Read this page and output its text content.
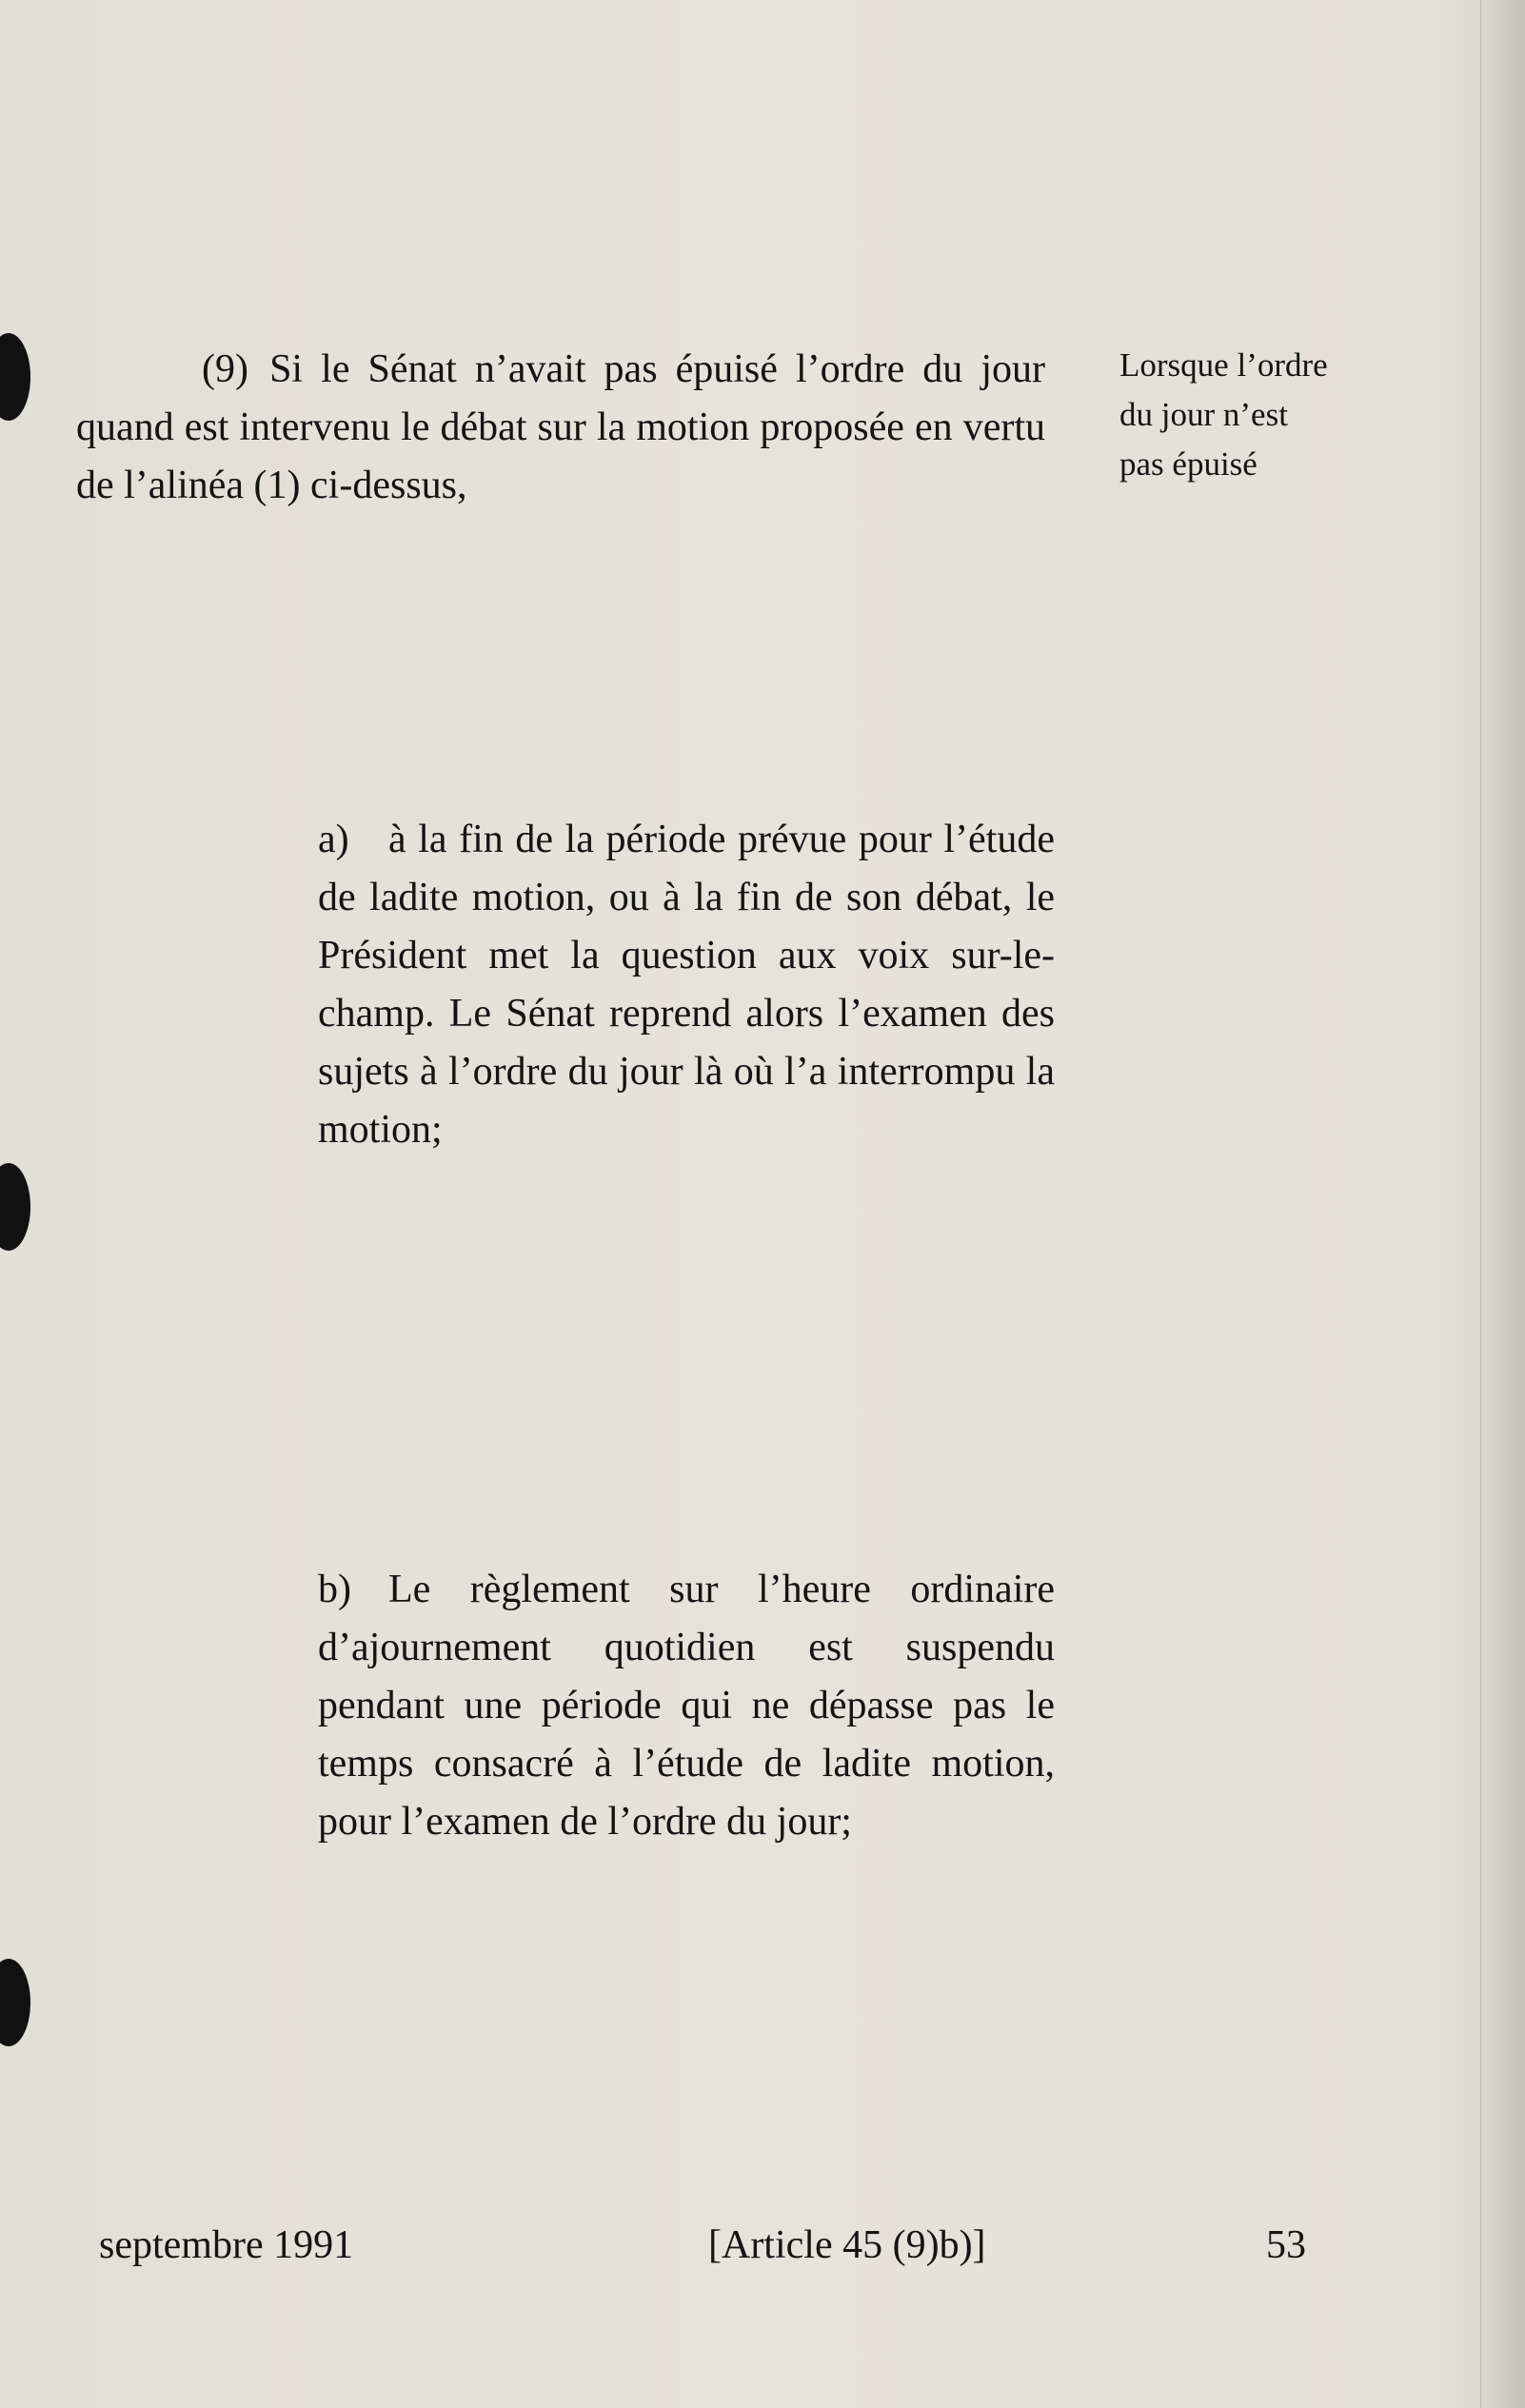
(9) Si le Sénat n’avait pas épuisé l’ordre du jour quand est intervenu le débat sur la motion proposée en vertu de l’alinéa (1) ci-dessus,
Lorsque l’ordre
du jour n’est
pas épuisé
a) à la fin de la période prévue pour l’étude de ladite motion, ou à la fin de son débat, le Président met la question aux voix sur-le-champ. Le Sénat reprend alors l’examen des sujets à l’ordre du jour là où l’a interrompu la motion;
b) Le règlement sur l’heure ordinaire d’ajournement quotidien est suspendu pendant une période qui ne dépasse pas le temps consacré à l’étude de ladite motion, pour l’examen de l’ordre du jour;
septembre 1991	[Article 45 (9)b)]	53
